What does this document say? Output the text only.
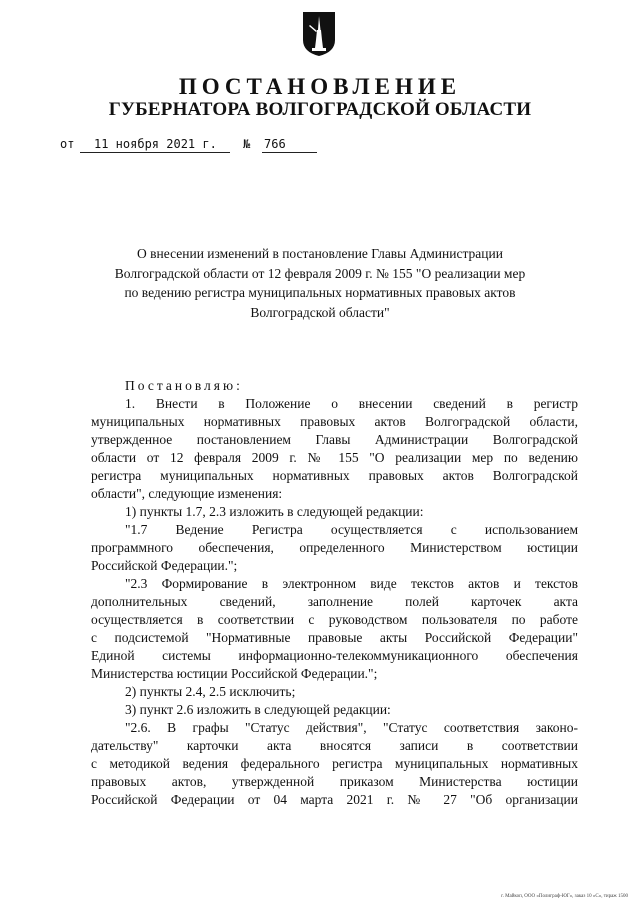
ПОСТАНОВЛЕНИЕ
ГУБЕРНАТОРА ВОЛГОГРАДСКОЙ ОБЛАСТИ
от	11 ноября 2021 г.	№ 766
О внесении изменений в постановление Главы Администрации
Волгоградской области от 12 февраля 2009 г. № 155 "О реализации мер
по ведению регистра муниципальных нормативных правовых актов
Волгоградской области"
Постановляю:
1. Внести в Положение о внесении сведений в регистр
муниципальных нормативных правовых актов Волгоградской области,
утвержденное постановлением Главы Администрации Волгоградской
области от 12 февраля 2009 г. № 155 "О реализации мер по ведению
регистра муниципальных нормативных правовых актов Волгоградской
области", следующие изменения:
1) пункты 1.7, 2.3 изложить в следующей редакции:
"1.7 Ведение Регистра осуществляется с использованием
программного обеспечения, определенного Министерством юстиции
Российской Федерации.";
"2.3 Формирование в электронном виде текстов актов и текстов
дополнительных сведений, заполнение полей карточек акта
осуществляется в соответствии с руководством пользователя по работе
с подсистемой "Нормативные правовые акты Российской Федерации"
Единой системы информационно-телекоммуникационного обеспечения
Министерства юстиции Российской Федерации.";
2) пункты 2.4, 2.5 исключить;
3) пункт 2.6 изложить в следующей редакции:
"2.6. В графы "Статус действия", "Статус соответствия законо-
дательству" карточки акта вносятся записи в соответствии
с методикой ведения федерального регистра муниципальных нормативных
правовых актов, утвержденной приказом Министерства юстиции
Российской Федерации от 04 марта 2021 г. № 27 "Об организации
г. Майкоп, ООО «Полиграф-ЮГ», заказ 10 «С», тираж 1500
